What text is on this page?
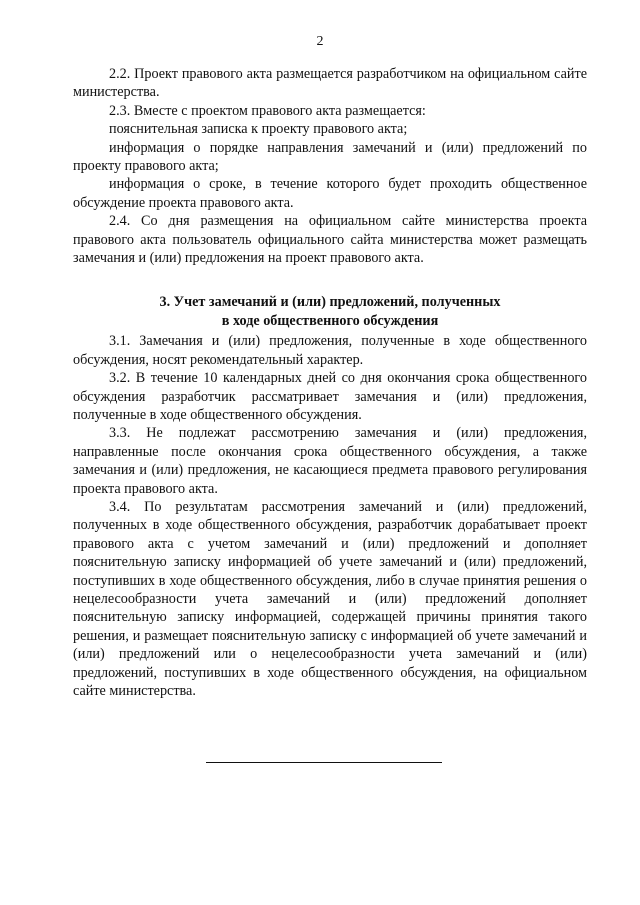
2

2.2. Проект правового акта размещается разработчиком на официальном сайте министерства.

2.3. Вместе с проектом правового акта размещается:

пояснительная записка к проекту правового акта;

информация о порядке направления замечаний и (или) предложений по проекту правового акта;

информация о сроке, в течение которого будет проходить общественное обсуждение проекта правового акта.

2.4. Со дня размещения на официальном сайте министерства проекта правового акта пользователь официального сайта министерства может размещать замечания и (или) предложения на проект правового акта.

3. Учет замечаний и (или) предложений, полученных
в ходе общественного обсуждения

3.1. Замечания и (или) предложения, полученные в ходе общественного обсуждения, носят рекомендательный характер.

3.2. В течение 10 календарных дней со дня окончания срока общественного обсуждения разработчик рассматривает замечания и (или) предложения, полученные в ходе общественного обсуждения.

3.3. Не подлежат рассмотрению замечания и (или) предложения, направленные после окончания срока общественного обсуждения, а также замечания и (или) предложения, не касающиеся предмета правового регулирования проекта правового акта.

3.4. По результатам рассмотрения замечаний и (или) предложений, полученных в ходе общественного обсуждения, разработчик дорабатывает проект правового акта с учетом замечаний и (или) предложений и дополняет пояснительную записку информацией об учете замечаний и (или) предложений, поступивших в ходе общественного обсуждения, либо в случае принятия решения о нецелесообразности учета замечаний и (или) предложений дополняет пояснительную записку информацией, содержащей причины принятия такого решения, и размещает пояснительную записку с информацией об учете замечаний и (или) предложений или о нецелесообразности учета замечаний и (или) предложений, поступивших в ходе общественного обсуждения, на официальном сайте министерства.
